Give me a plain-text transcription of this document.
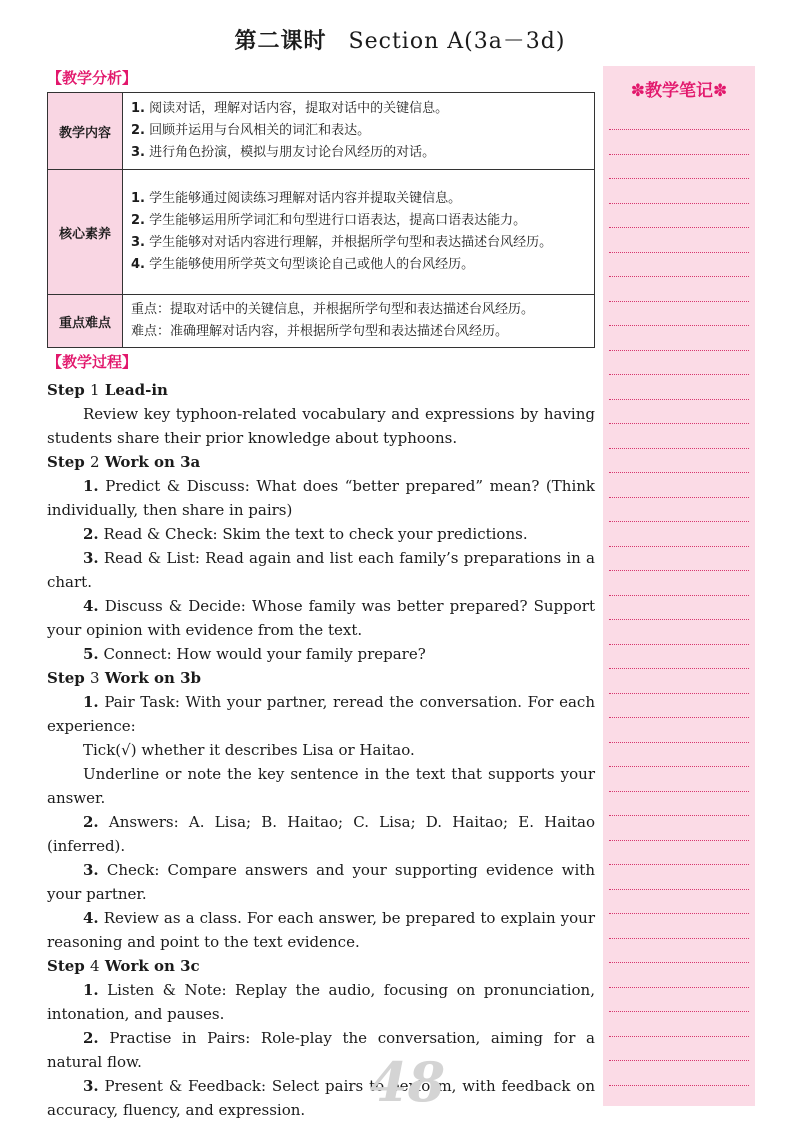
第二课时 Section A(3a－3d)
【教学分析】
教学内容	1. 阅读对话，理解对话内容，提取对话中的关键信息。
2. 回顾并运用与台风相关的词汇和表达。
3. 进行角色扮演，模拟与朋友讨论台风经历的对话。

核心素养	1. 学生能够通过阅读练习理解对话内容并提取关键信息。
2. 学生能够运用所学词汇和句型进行口语表达，提高口语表达能力。
3. 学生能够对对话内容进行理解，并根据所学句型和表达描述台风经历。
4. 学生能够使用所学英文句型谈论自己或他人的台风经历。

重点难点	重点：提取对话中的关键信息，并根据所学句型和表达描述台风经历。
难点：准确理解对话内容，并根据所学句型和表达描述台风经历。
【教学过程】
Step 1 Lead-in
Review key typhoon-related vocabulary and expressions by having students share their prior knowledge about typhoons.
Step 2 Work on 3a
1. Predict & Discuss: What does “better prepared” mean? (Think individually, then share in pairs)
2. Read & Check: Skim the text to check your predictions.
3. Read & List: Read again and list each family’s preparations in a chart.
4. Discuss & Decide: Whose family was better prepared? Support your opinion with evidence from the text.
5. Connect: How would your family prepare?
Step 3 Work on 3b
1. Pair Task: With your partner, reread the conversation. For each experience:
Tick(√) whether it describes Lisa or Haitao.
Underline or note the key sentence in the text that supports your answer.
2. Answers: A. Lisa; B. Haitao; C. Lisa; D. Haitao; E. Haitao (inferred).
3. Check: Compare answers and your supporting evidence with your partner.
4. Review as a class. For each answer, be prepared to explain your reasoning and point to the text evidence.
Step 4 Work on 3c
1. Listen & Note: Replay the audio, focusing on pronunciation, intonation, and pauses.
2. Practise in Pairs: Role-play the conversation, aiming for a natural flow.
3. Present & Feedback: Select pairs to perform, with feedback on accuracy, fluency, and expression.
✽教学笔记✽
48
